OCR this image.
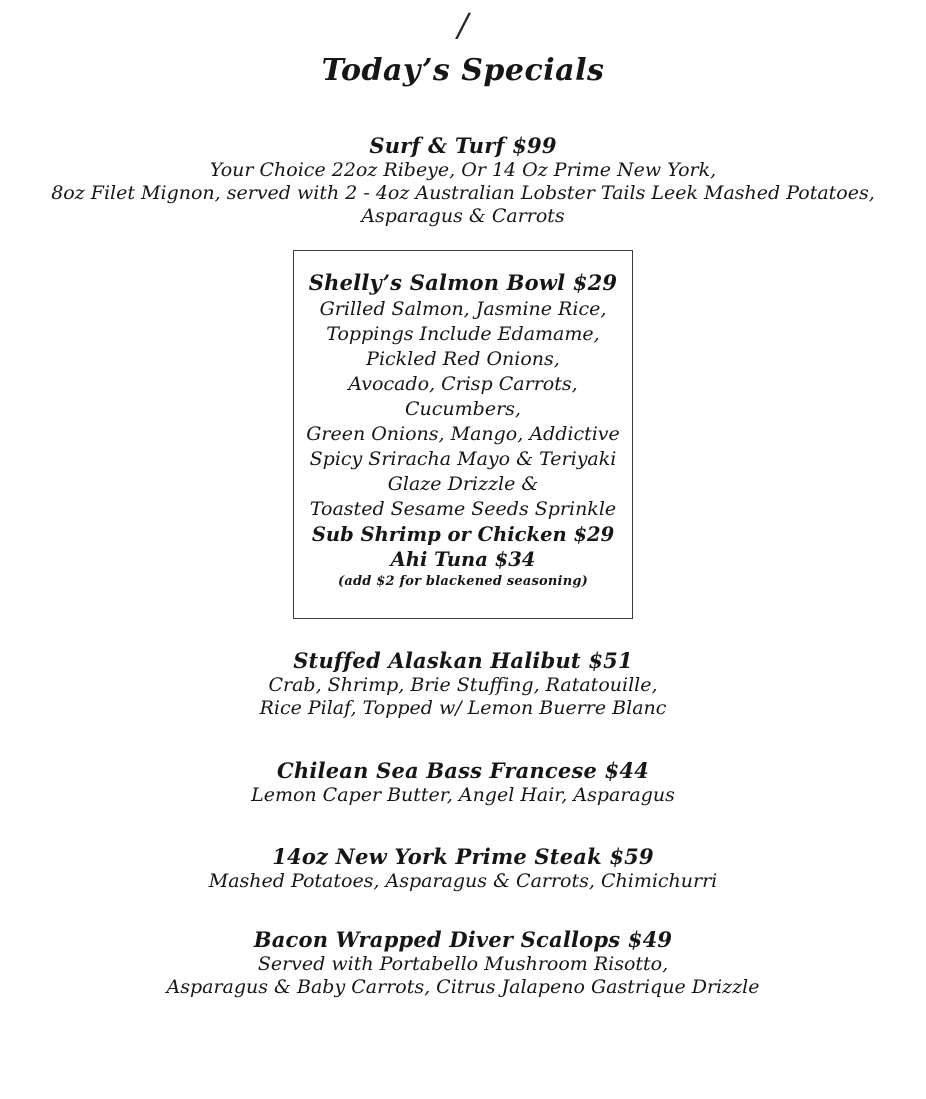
/
Today’s Specials
Surf & Turf $99

Your Choice 22oz Ribeye, Or 14 Oz Prime New York,

8oz Filet Mignon, served with 2 - 4oz Australian Lobster Tails Leek Mashed Potatoes,

Asparagus & Carrots

Shelly’s Salmon Bowl $29

Grilled Salmon, Jasmine Rice,

Toppings Include Edamame,

Pickled Red Onions,

Avocado, Crisp Carrots,

Cucumbers,

Green Onions, Mango, Addictive

Spicy Sriracha Mayo & Teriyaki

Glaze Drizzle &

Toasted Sesame Seeds Sprinkle

Sub Shrimp or Chicken $29

Ahi Tuna $34

(add $2 for blackened seasoning)

Stuffed Alaskan Halibut $51

Crab, Shrimp, Brie Stuffing, Ratatouille,

Rice Pilaf, Topped w/ Lemon Buerre Blanc

Chilean Sea Bass Francese $44

Lemon Caper Butter, Angel Hair, Asparagus

14oz New York Prime Steak $59

Mashed Potatoes, Asparagus & Carrots, Chimichurri

Bacon Wrapped Diver Scallops $49

Served with Portabello Mushroom Risotto,

Asparagus & Baby Carrots, Citrus Jalapeno Gastrique Drizzle
